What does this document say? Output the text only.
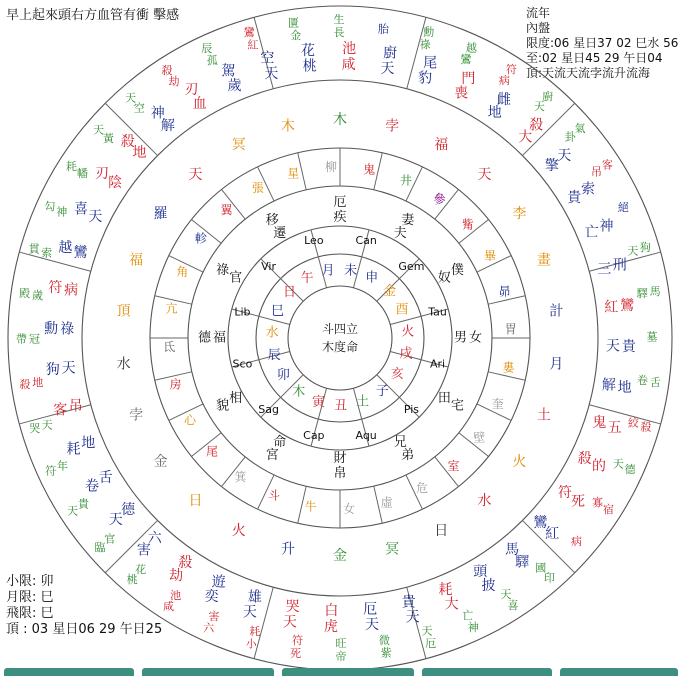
早上起來頭右方血管有衝 擊感	流年
內盤
限度:06 星日37 02 巳水 56
至:02 星日45 29 午日04
頂:天流天流孛流升流海
斗四立
木度命
Leo	Can
Gem
Tau
Ari
Pis
Aqu
Cap
Sag
Sco
Lib
Vir	月 未 申
金
酉
火
戌
亥
子
土
丑
寅
木
卯
辰
水
巳
日
午
疾
厄
夫
妻
奴 僕
男 女
田 宅
兄
弟
財
帛
命
宮
相
貌
福
德
官
祿
遷
移
柳 鬼
井
參
觜
畢
昴
胃
婁
奎
壁
室
危
虛
女
牛
斗
箕
尾
心
房
氐
亢
角
軫
翼
張
星
木	孛
福
天
李
畫
計
月
土
火
水
日
冥
金
升
火
日
金
孛
水
頂
福
羅
天
冥
木
天
廚
豹
尾
喪
門
地
雌
大
殺
擎
天
貴
索
亡 神
三 刑
紅 鸞
天 貴
解 地
鬼 五
殺 的
符
死
鸞
紅
馬
驛
頭
披
耗
大
貴
天
厄
天
白
虎
哭
天
雄
天
遊
奕
殺
劫
六
害
德
天
舌
卷
地
耗
吊
客
天
狗
祿
勳
病
符
鸞
越
天
喜
陰
刃
地
殺
解
神
血
刃 歲
駕 天
空
桃
花
咸
池
胎
祿
勳
鸞
越
病
符
天
廚
卦
氣
吊
客
絕
天 狗
驛 馬
墓
卷 舌
絞 殺
天 德
寡
宿
病
國
印
天
喜
亡
神
天
厄
微
紫
旺
帝
符
死
耗
小
害
六
池
咸
花
桃
官
臨
貴
天
年
符
天
哭
地
殺
冠
帶
歲
殿
索
貫
神
勾
幡
耗
黃
天
空
天
劫
殺
孤
辰	紅
鸞	金
匱
長
生
小限: 卯
月限: 巳
飛限: 巳
頂 : 03 星日06 29 午日25
